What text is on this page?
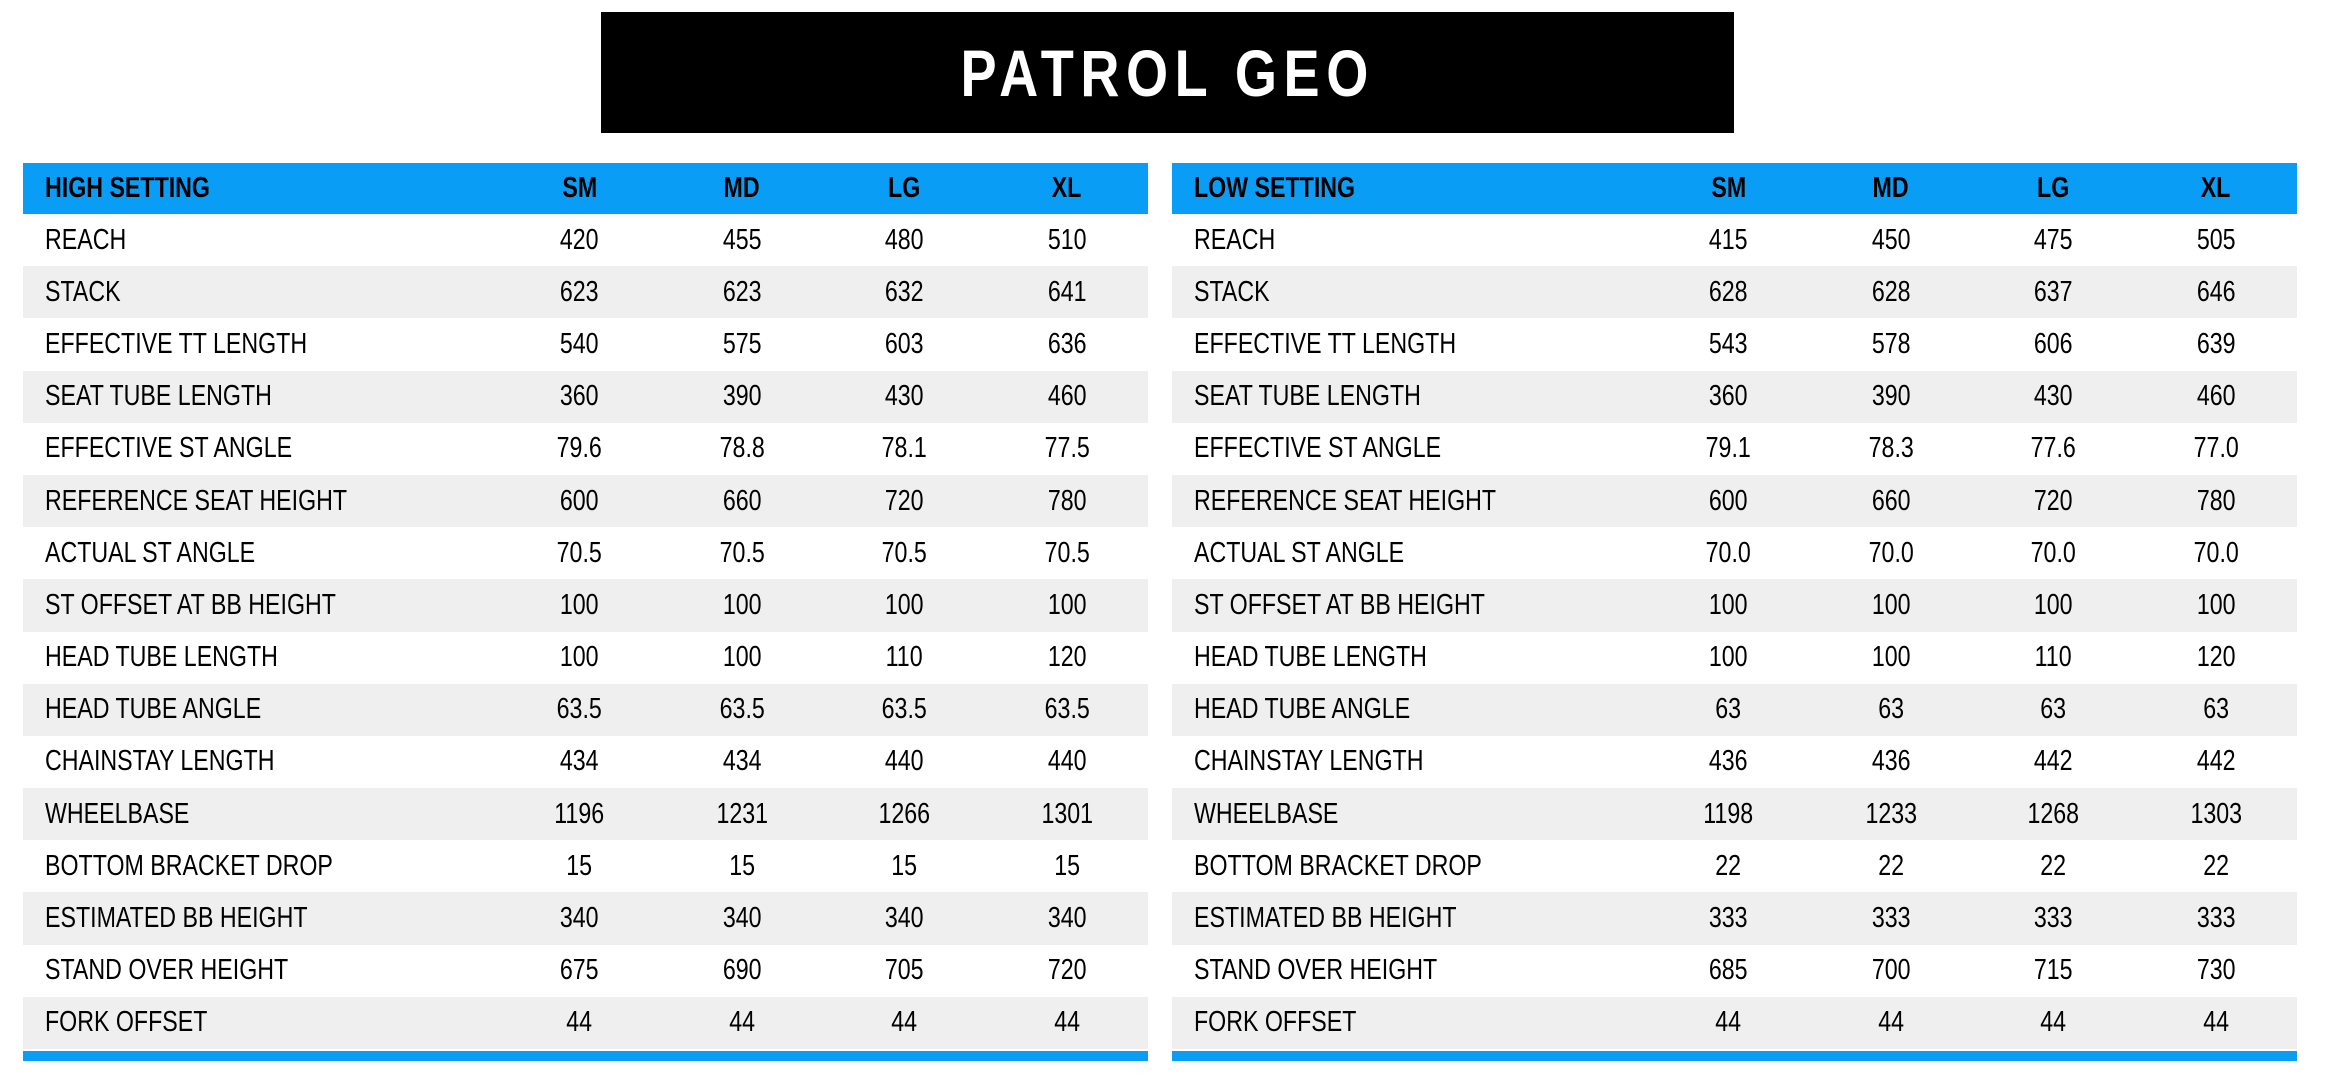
PATROL GEO
HIGH SETTING	SM	MD	LG	XL
REACH	420	455	480	510
STACK	623	623	632	641
EFFECTIVE TT LENGTH	540	575	603	636
SEAT TUBE LENGTH	360	390	430	460
EFFECTIVE ST ANGLE	79.6	78.8	78.1	77.5
REFERENCE SEAT HEIGHT	600	660	720	780
ACTUAL ST ANGLE	70.5	70.5	70.5	70.5
ST OFFSET AT BB HEIGHT	100	100	100	100
HEAD TUBE LENGTH	100	100	110	120
HEAD TUBE ANGLE	63.5	63.5	63.5	63.5
CHAINSTAY LENGTH	434	434	440	440
WHEELBASE	1196	1231	1266	1301
BOTTOM BRACKET DROP	15	15	15	15
ESTIMATED BB HEIGHT	340	340	340	340
STAND OVER HEIGHT	675	690	705	720
FORK OFFSET	44	44	44	44
LOW SETTING	SM	MD	LG	XL
REACH	415	450	475	505
STACK	628	628	637	646
EFFECTIVE TT LENGTH	543	578	606	639
SEAT TUBE LENGTH	360	390	430	460
EFFECTIVE ST ANGLE	79.1	78.3	77.6	77.0
REFERENCE SEAT HEIGHT	600	660	720	780
ACTUAL ST ANGLE	70.0	70.0	70.0	70.0
ST OFFSET AT BB HEIGHT	100	100	100	100
HEAD TUBE LENGTH	100	100	110	120
HEAD TUBE ANGLE	63	63	63	63
CHAINSTAY LENGTH	436	436	442	442
WHEELBASE	1198	1233	1268	1303
BOTTOM BRACKET DROP	22	22	22	22
ESTIMATED BB HEIGHT	333	333	333	333
STAND OVER HEIGHT	685	700	715	730
FORK OFFSET	44	44	44	44
